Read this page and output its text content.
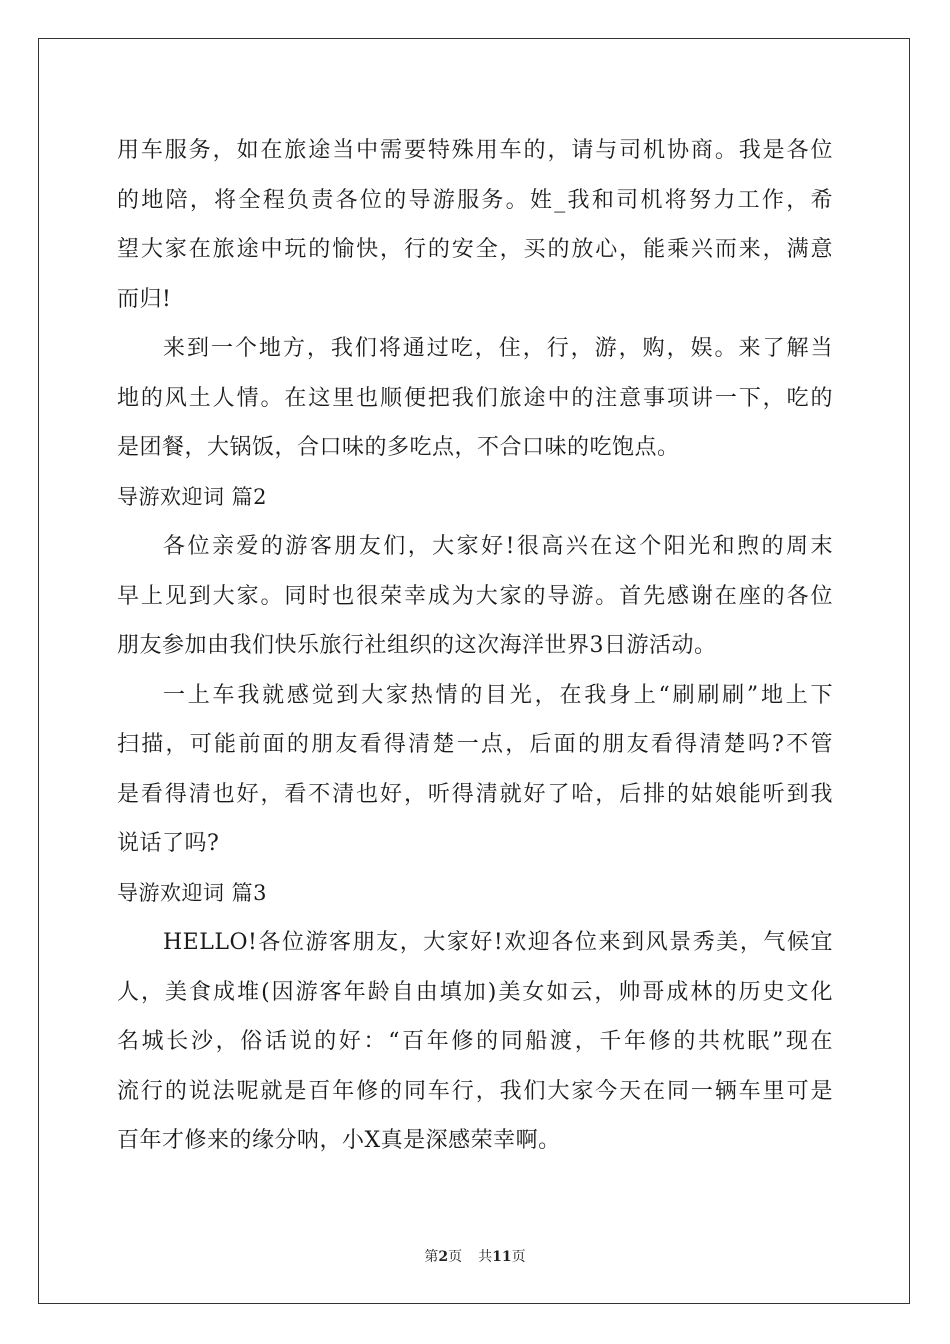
用车服务，如在旅途当中需要特殊用车的，请与司机协商。我是各位
的地陪，将全程负责各位的导游服务。姓_我和司机将努力工作，希
望大家在旅途中玩的愉快，行的安全，买的放心，能乘兴而来，满意
而归!
来到一个地方，我们将通过吃，住，行，游，购，娱。来了解当
地的风土人情。在这里也顺便把我们旅途中的注意事项讲一下，吃的
是团餐，大锅饭，合口味的多吃点，不合口味的吃饱点。
导游欢迎词 篇2
各位亲爱的游客朋友们，大家好!很高兴在这个阳光和煦的周末
早上见到大家。同时也很荣幸成为大家的导游。首先感谢在座的各位
朋友参加由我们快乐旅行社组织的这次海洋世界3日游活动。
一上车我就感觉到大家热情的目光，在我身上“刷刷刷”地上下
扫描，可能前面的朋友看得清楚一点，后面的朋友看得清楚吗?不管
是看得清也好，看不清也好，听得清就好了哈，后排的姑娘能听到我
说话了吗?
导游欢迎词 篇3
HELLO!各位游客朋友，大家好!欢迎各位来到风景秀美，气候宜
人，美食成堆(因游客年龄自由填加)美女如云，帅哥成林的历史文化
名城长沙，俗话说的好：“百年修的同船渡，千年修的共枕眠”现在
流行的说法呢就是百年修的同车行，我们大家今天在同一辆车里可是
百年才修来的缘分呐，小X真是深感荣幸啊。
第2页 共11页
